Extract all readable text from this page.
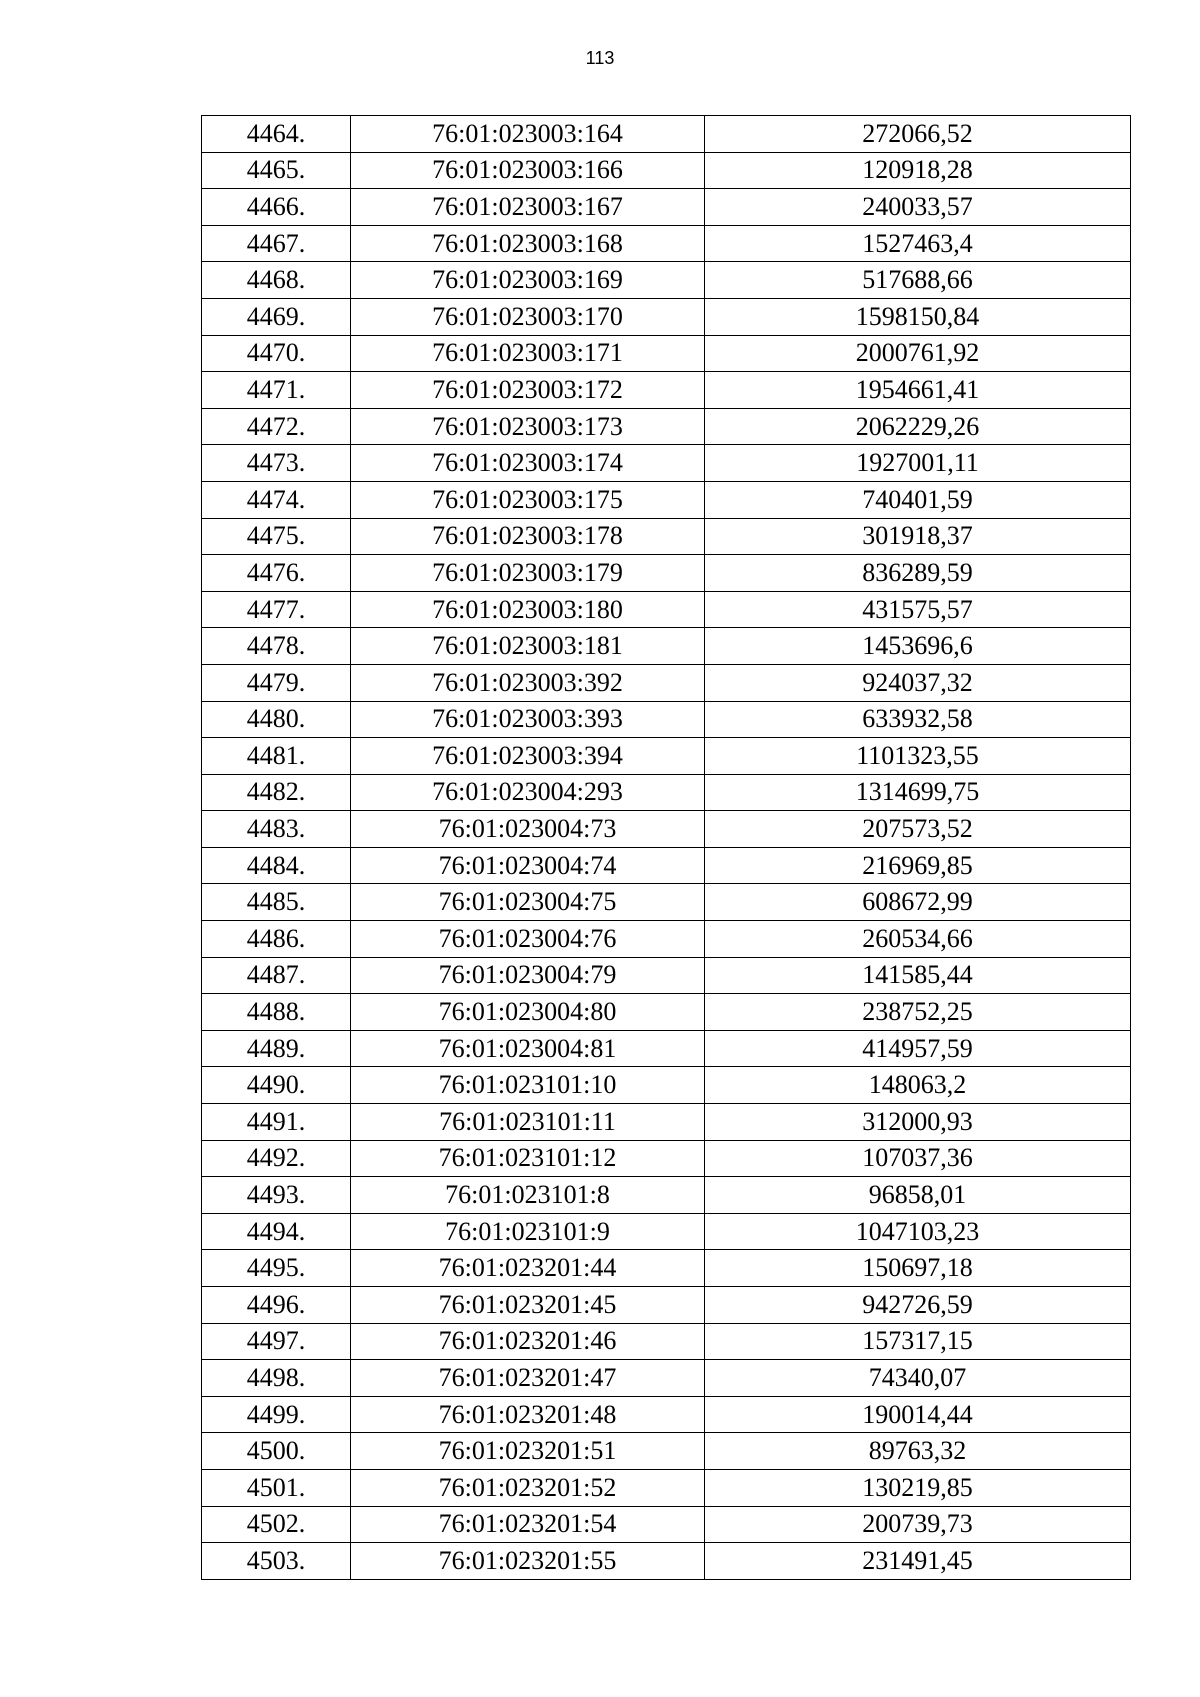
113
4464.	76:01:023003:164	272066,52
4465.	76:01:023003:166	120918,28
4466.	76:01:023003:167	240033,57
4467.	76:01:023003:168	1527463,4
4468.	76:01:023003:169	517688,66
4469.	76:01:023003:170	1598150,84
4470.	76:01:023003:171	2000761,92
4471.	76:01:023003:172	1954661,41
4472.	76:01:023003:173	2062229,26
4473.	76:01:023003:174	1927001,11
4474.	76:01:023003:175	740401,59
4475.	76:01:023003:178	301918,37
4476.	76:01:023003:179	836289,59
4477.	76:01:023003:180	431575,57
4478.	76:01:023003:181	1453696,6
4479.	76:01:023003:392	924037,32
4480.	76:01:023003:393	633932,58
4481.	76:01:023003:394	1101323,55
4482.	76:01:023004:293	1314699,75
4483.	76:01:023004:73	207573,52
4484.	76:01:023004:74	216969,85
4485.	76:01:023004:75	608672,99
4486.	76:01:023004:76	260534,66
4487.	76:01:023004:79	141585,44
4488.	76:01:023004:80	238752,25
4489.	76:01:023004:81	414957,59
4490.	76:01:023101:10	148063,2
4491.	76:01:023101:11	312000,93
4492.	76:01:023101:12	107037,36
4493.	76:01:023101:8	96858,01
4494.	76:01:023101:9	1047103,23
4495.	76:01:023201:44	150697,18
4496.	76:01:023201:45	942726,59
4497.	76:01:023201:46	157317,15
4498.	76:01:023201:47	74340,07
4499.	76:01:023201:48	190014,44
4500.	76:01:023201:51	89763,32
4501.	76:01:023201:52	130219,85
4502.	76:01:023201:54	200739,73
4503.	76:01:023201:55	231491,45
